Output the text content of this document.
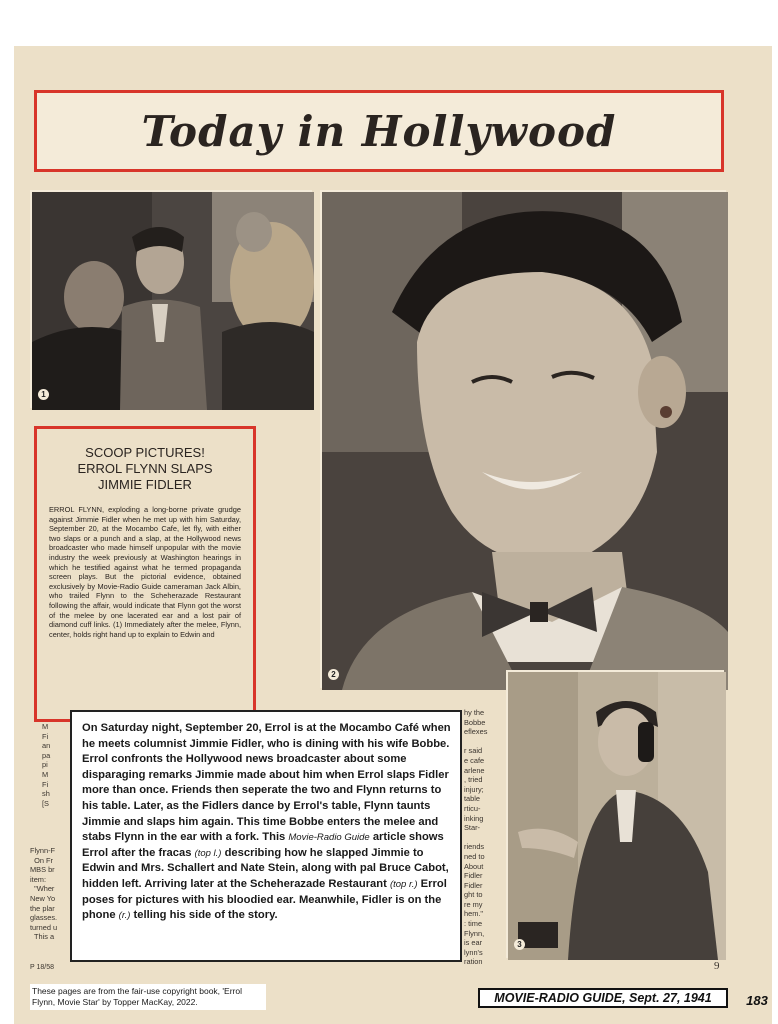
Today in Hollywood
1
2
3
SCOOP PICTURES!
ERROL FLYNN SLAPS
JIMMIE FIDLER
ERROL FLYNN, exploding a long-borne private grudge against Jimmie Fidler when he met up with him Saturday, September 20, at the Mocambo Cafe, let fly, with either two slaps or a punch and a slap, at the Hollywood news broadcaster who made himself unpopular with the movie industry the week previously at Washington hearings in which he testified against what he termed propaganda screen plays. But the pictorial evidence, obtained exclusively by Movie-Radio Guide cameraman Jack Albin, who trailed Flynn to the Scheherazade Restaurant following the affair, would indicate that Flynn got the worst of the melee by one lacerated ear and a lost pair of diamond cuff links. (1) Immediately after the melee, Flynn, center, holds right hand up to explain to Edwin and
M
Fi
an
pa
pi
M
Fi
sh
[S
Flynn-F
On Fr
MBS br
item:
"Wher
New Yo
the plar
glasses.
turned u
This a
hy the
Bobbe
eflexes

r said
e cafe
arlene
, tried
injury;
table
rticu-
inking
Star-

riends
ned to
About
Fidler
Fidler
ght to
re my
hem."
: time
Flynn,
is ear
lynn's
ration
On Saturday night, September 20, Errol is at the Mocambo Café when he meets columnist Jimmie Fidler, who is dining with his wife Bobbe. Errol confronts the Hollywood news broadcaster about some disparaging remarks Jimmie made about him when Errol slaps Fidler more than once. Friends then seperate the two and Flynn returns to his table. Later, as the Fidlers dance by Errol's table, Flynn taunts Jimmie and slaps him again. This time Bobbe enters the melee and stabs Flynn in the ear with a fork. This Movie-Radio Guide article shows Errol after the fracas (top l.) describing how he slapped Jimmie to Edwin and Mrs. Schallert and Nate Stein, along with pal Bruce Cabot, hidden left. Arriving later at the Scheherazade Restaurant (top r.) Errol poses for pictures with his bloodied ear. Meanwhile, Fidler is on the phone (r.) telling his side of the story.
P 18/58	9
These pages are from the fair-use copyright book, 'Errol Flynn, Movie Star' by Topper MacKay, 2022.	MOVIE-RADIO GUIDE, Sept. 27, 1941	183
